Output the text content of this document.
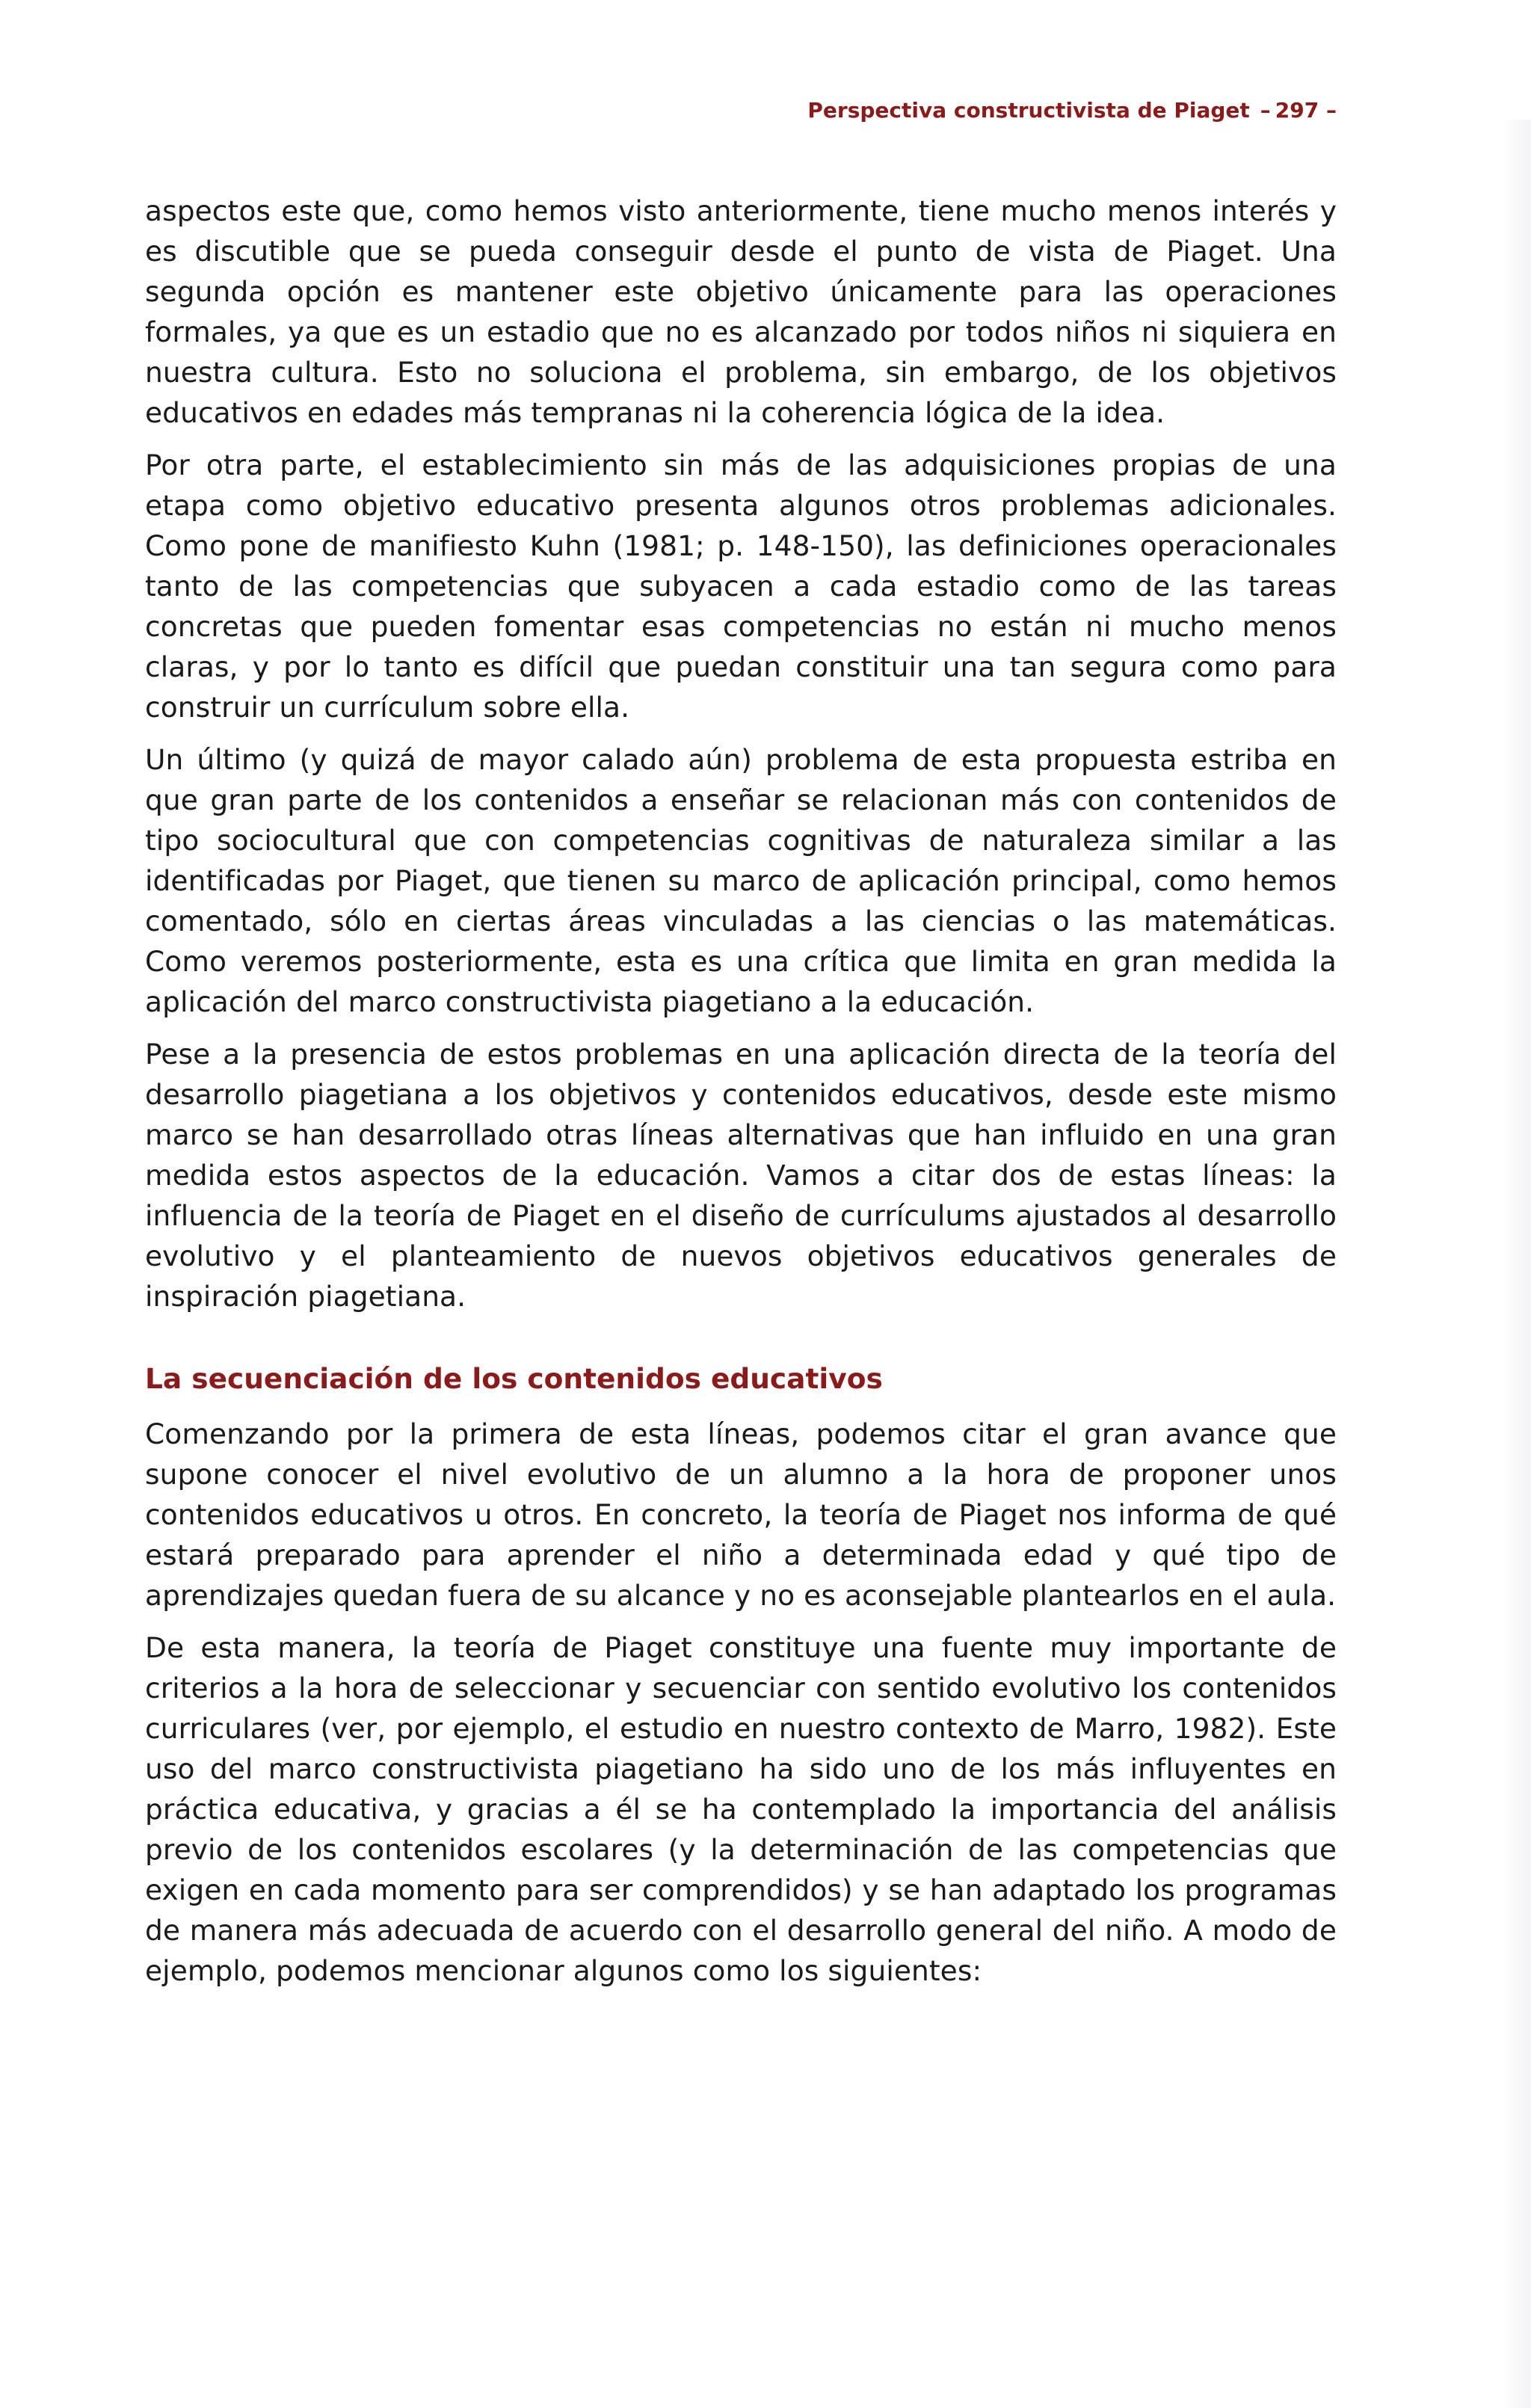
Perspectiva constructivista de Piaget – 297 –

aspectos este que, como hemos visto anteriormente, tiene mucho menos interés y es discutible que se pueda conseguir desde el punto de vista de Piaget. Una segunda opción es mantener este objetivo únicamente para las operaciones formales, ya que es un estadio que no es alcanzado por todos niños ni siquiera en nuestra cultura. Esto no soluciona el problema, sin embargo, de los objetivos educativos en edades más tempranas ni la coherencia lógica de la idea.

Por otra parte, el establecimiento sin más de las adquisiciones propias de una etapa como objetivo educativo presenta algunos otros problemas adicionales. Como pone de manifiesto Kuhn (1981; p. 148-150), las definiciones operacionales tanto de las competencias que subyacen a cada estadio como de las tareas concretas que pueden fomentar esas competencias no están ni mucho menos claras, y por lo tanto es difícil que puedan constituir una tan segura como para construir un currículum sobre ella.

Un último (y quizá de mayor calado aún) problema de esta propuesta estriba en que gran parte de los contenidos a enseñar se relacionan más con contenidos de tipo sociocultural que con competencias cognitivas de naturaleza similar a las identificadas por Piaget, que tienen su marco de aplicación principal, como hemos comentado, sólo en ciertas áreas vinculadas a las ciencias o las matemáticas. Como veremos posteriormente, esta es una crítica que limita en gran medida la aplicación del marco constructivista piagetiano a la educación.

Pese a la presencia de estos problemas en una aplicación directa de la teoría del desarrollo piagetiana a los objetivos y contenidos educativos, desde este mismo marco se han desarrollado otras líneas alternativas que han influido en una gran medida estos aspectos de la educación. Vamos a citar dos de estas líneas: la influencia de la teoría de Piaget en el diseño de currículums ajustados al desarrollo evolutivo y el planteamiento de nuevos objetivos educativos generales de inspiración piagetiana.

La secuenciación de los contenidos educativos

Comenzando por la primera de esta líneas, podemos citar el gran avance que supone conocer el nivel evolutivo de un alumno a la hora de proponer unos contenidos educativos u otros. En concreto, la teoría de Piaget nos informa de qué estará preparado para aprender el niño a determinada edad y qué tipo de aprendizajes quedan fuera de su alcance y no es aconsejable plantearlos en el aula.

De esta manera, la teoría de Piaget constituye una fuente muy importante de criterios a la hora de seleccionar y secuenciar con sentido evolutivo los contenidos curriculares (ver, por ejemplo, el estudio en nuestro contexto de Marro, 1982). Este uso del marco constructivista piagetiano ha sido uno de los más influyentes en práctica educativa, y gracias a él se ha contemplado la importancia del análisis previo de los contenidos escolares (y la determinación de las competencias que exigen en cada momento para ser comprendidos) y se han adaptado los programas de manera más adecuada de acuerdo con el desarrollo general del niño. A modo de ejemplo, podemos mencionar algunos como los siguientes:
